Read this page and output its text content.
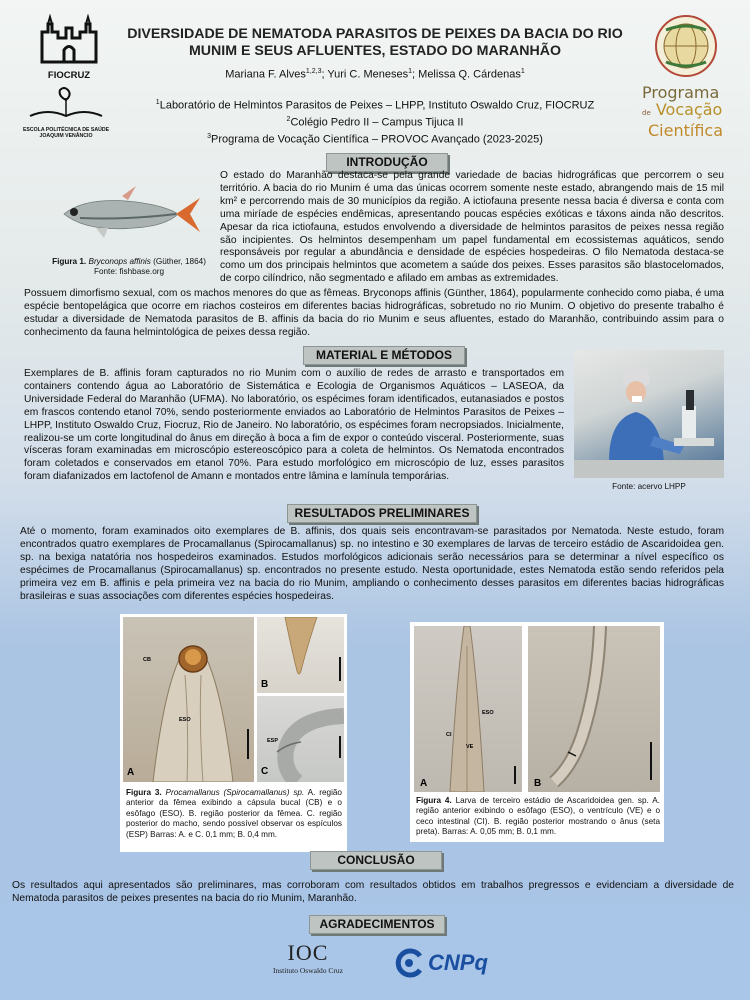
FIOCRUZ
ESCOLA POLITÉCNICA DE SAÚDE
JOAQUIM VENÂNCIO
DIVERSIDADE DE NEMATODA PARASITOS DE PEIXES DA BACIA DO RIO
MUNIM E SEUS AFLUENTES, ESTADO DO MARANHÃO
Mariana F. Alves$^{1,2,3}$; Yuri C. Meneses$^1$; Melissa Q. Cárdenas$^1$
$^1$Laboratório de Helmintos Parasitos de Peixes – LHPP, Instituto Oswaldo Cruz, FIOCRUZ
$^2$Colégio Pedro II – Campus Tijuca II
$^3$Programa de Vocação Científica – PROVOC Avançado (2023-2025)
Programa
de Vocação
Científica
INTRODUÇÃO
Figura 1. Bryconops affinis (Güther, 1864)
Fonte: fishbase.org
O estado do Maranhão destaca-se pela grande variedade de bacias hidrográficas que percorrem o seu território. A bacia do rio Munim é uma das únicas ocorrem somente neste estado, abrangendo mais de 15 mil km² e percorrendo mais de 30 municípios da região. A ictiofauna presente nessa bacia é diversa e conta com uma miríade de espécies endêmicas, apresentando poucas espécies exóticas e táxons ainda não descritos. Apesar da rica ictiofauna, estudos envolvendo a diversidade de helmintos parasitos de peixes nessa região são incipientes. Os helmintos desempenham um papel fundamental em ecossistemas aquáticos, sendo responsáveis por regular a abundância e densidade de espécies hospedeiras. O filo Nematoda destaca-se como um dos principais helmintos que acometem a saúde dos peixes. Esses parasitos são blastocelomados, de corpo cilíndrico, não segmentado e afilado em ambas as extremidades.
Possuem dimorfismo sexual, com os machos menores do que as fêmeas. Bryconops affinis (Günther, 1864), popularmente conhecido como piaba, é uma espécie bentopelágica que ocorre em riachos costeiros em diferentes bacias hidrográficas, sobretudo no rio Munim. O objetivo do presente trabalho é estudar a diversidade de Nematoda parasitos de B. affinis da bacia do rio Munim e seus afluentes, estado do Maranhão, contribuindo assim para o conhecimento da fauna helmintológica de peixes dessa região.
MATERIAL E MÉTODOS
Exemplares de B. affinis foram capturados no rio Munim com o auxílio de redes de arrasto e transportados em containers contendo água ao Laboratório de Sistemática e Ecologia de Organismos Aquáticos – LASEOA, da Universidade Federal do Maranhão (UFMA). No laboratório, os espécimes foram identificados, eutanasiados e postos em frascos contendo etanol 70%, sendo posteriormente enviados ao Laboratório de Helmintos Parasitos de Peixes – LHPP, Instituto Oswaldo Cruz, Fiocruz, Rio de Janeiro. No laboratório, os espécimes foram necropsiados. Inicialmente, realizou-se um corte longitudinal do ânus em direção à boca a fim de expor o conteúdo visceral. Posteriormente, suas vísceras foram examinadas em microscópio estereoscópico para a coleta de helmintos. Os Nematoda encontrados foram coletados e conservados em etanol 70%. Para estudo morfológico em microscópio de luz, esses parasitos foram diafanizados em lactofenol de Amann e montados entre lâmina e lamínula temporárias.
Fonte: acervo LHPP
RESULTADOS PRELIMINARES
Até o momento, foram examinados oito exemplares de B. affinis, dos quais seis encontravam-se parasitados por Nematoda. Neste estudo, foram encontrados quatro exemplares de Procamallanus (Spirocamallanus) sp. no intestino e 30 exemplares de larvas de terceiro estádio de Ascaridoidea gen. sp. na bexiga natatória nos hospedeiros examinados. Estudos morfológicos adicionais serão necessários para se determinar a nível específico os espécimes de Procamallanus (Spirocamallanus) sp. encontrados no presente estudo. Nesta oportunidade, estes Nematoda estão sendo referidos pela primeira vez em B. affinis e pela primeira vez na bacia do rio Munim, ampliando o conhecimento desses parasitos em diferentes bacias hidrográficas brasileiras e suas associações com diferentes espécies hospedeiras.
CB
ESO
A
B
ESP
C
Figura 3. Procamallanus (Spirocamallanus) sp. A. região anterior da fêmea exibindo a cápsula bucal (CB) e o esôfago (ESO). B. região posterior da fêmea. C. região posterior do macho, sendo possível observar os espículos (ESP) Barras: A. e C. 0,1 mm; B. 0,4 mm.
ESO
CI
VE
A	B
Figura 4. Larva de terceiro estádio de Ascaridoidea gen. sp. A. região anterior exibindo o esôfago (ESO), o ventrículo (VE) e o ceco intestinal (CI). B. região posterior mostrando o ânus (seta preta). Barras: A. 0,05 mm; B. 0,1 mm.
CONCLUSÃO
Os resultados aqui apresentados são preliminares, mas corroboram com resultados obtidos em trabalhos pregressos e evidenciam a diversidade de Nematoda parasitos de peixes presentes na bacia do rio Munim, Maranhão.
AGRADECIMENTOS
IOC
Instituto Oswaldo Cruz	CNPq
